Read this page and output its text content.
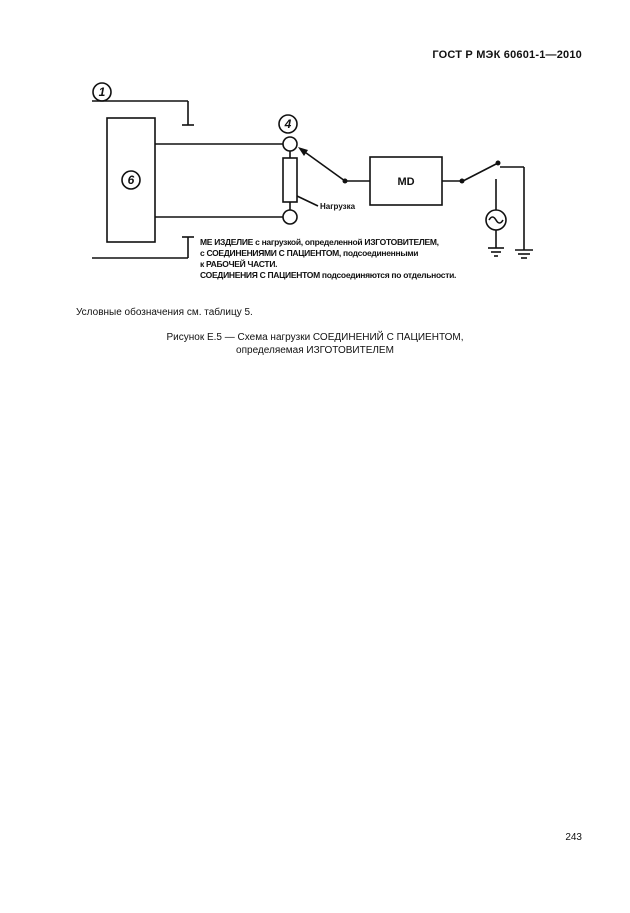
ГОСТ Р МЭК 60601-1—2010
1
4
6	MD
Нагрузка
МЕ ИЗДЕЛИЕ с нагрузкой, определенной ИЗГОТОВИТЕЛЕМ,
с СОЕДИНЕНИЯМИ С ПАЦИЕНТОМ, подсоединенными
к РАБОЧЕЙ ЧАСТИ.
СОЕДИНЕНИЯ С ПАЦИЕНТОМ подсоединяются по отдельности.
Условные обозначения см. таблицу 5.
Рисунок Е.5 — Схема нагрузки СОЕДИНЕНИЙ С ПАЦИЕНТОМ,
определяемая ИЗГОТОВИТЕЛЕМ
243
